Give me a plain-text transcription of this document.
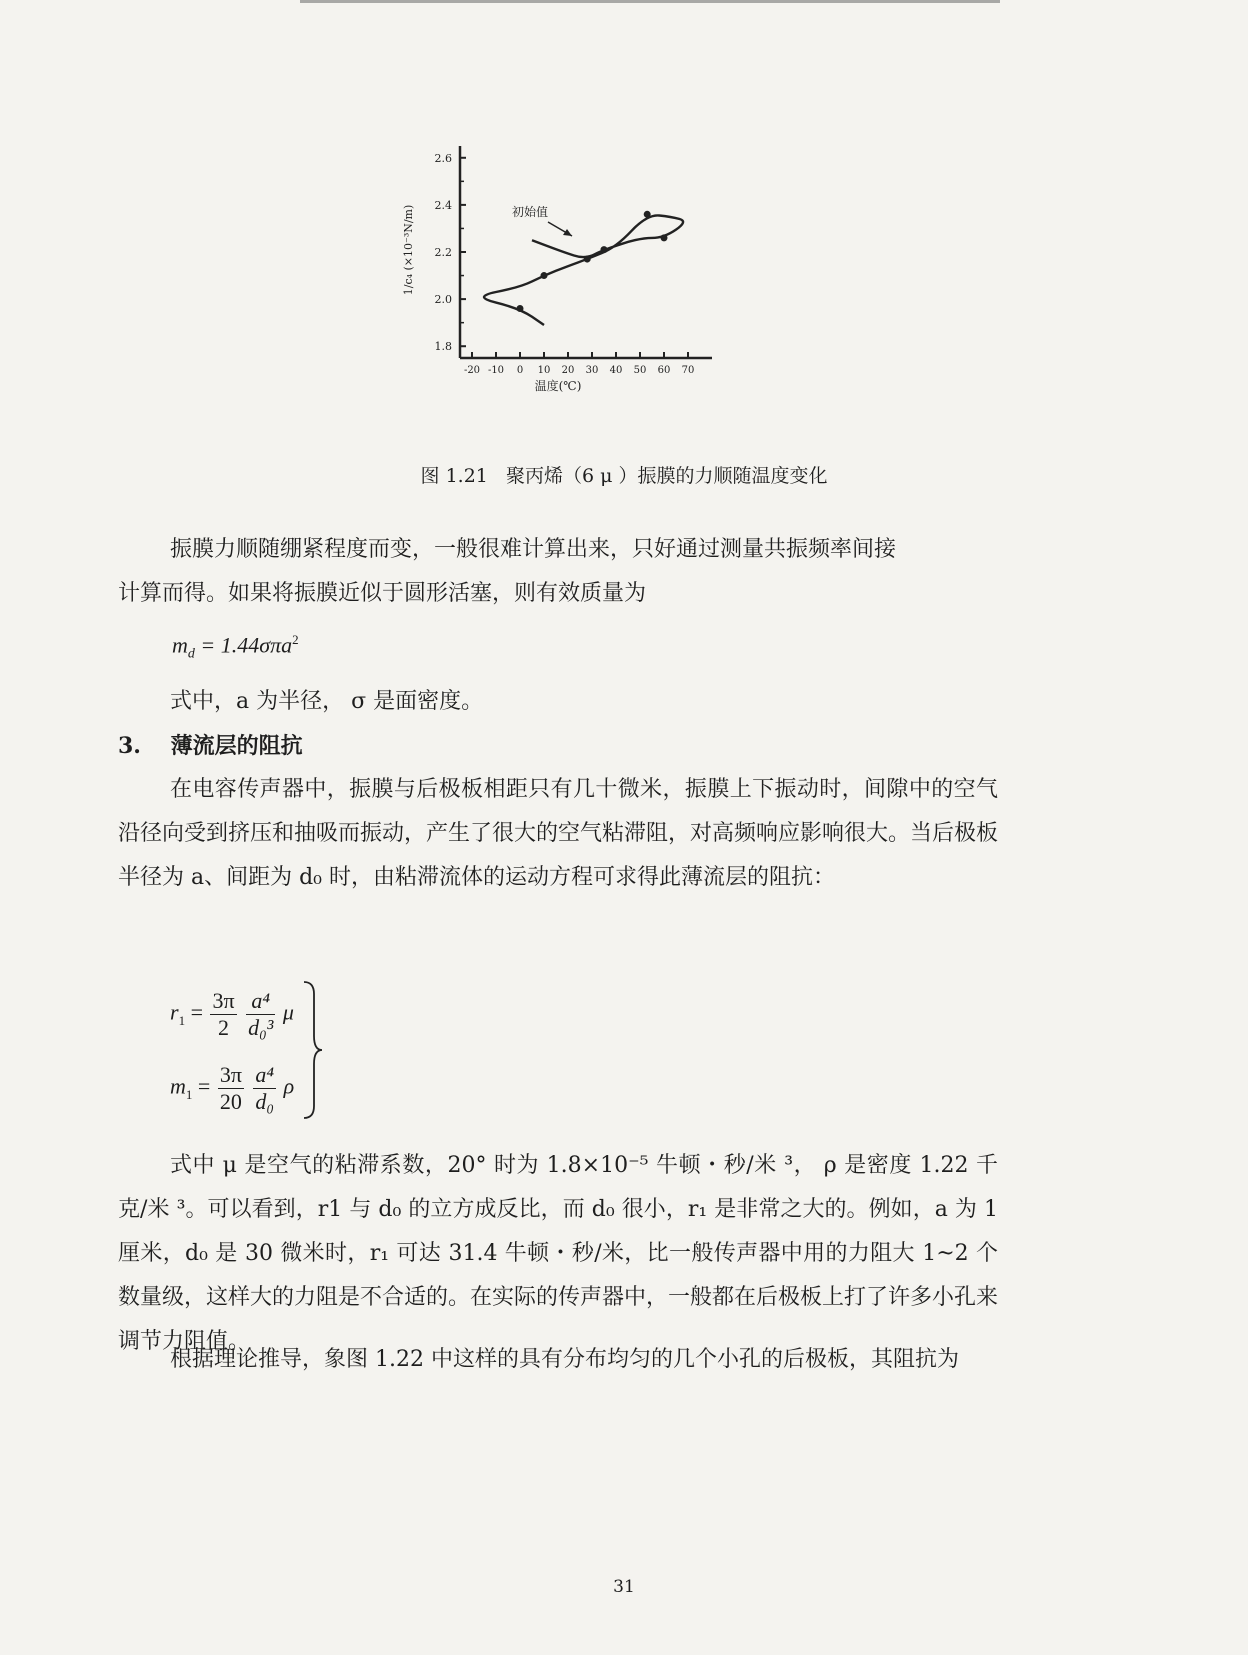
1.8
2.0
2.2
2.4
2.6
-20 -10 0 10 20 30 40 50 60 70
1/c₄ (×10⁻³N/m)
温度(℃)
初始值
图 1.21 聚丙烯（6 μ ）振膜的力顺随温度变化
振膜力顺随绷紧程度而变，一般很难计算出来，只好通过测量共振频率间接
计算而得。如果将振膜近似于圆形活塞，则有效质量为
$m_d = 1.44\sigma\pi a^2$
式中，a 为半径， σ 是面密度。
3. 薄流层的阻抗
在电容传声器中，振膜与后极板相距只有几十微米，振膜上下振动时，间隙中的空气沿径向受到挤压和抽吸而振动，产生了很大的空气粘滞阻，对高频响应影响很大。当后极板半径为 a、间距为 d₀ 时，由粘滞流体的运动方程可求得此薄流层的阻抗：
$r_1 = \frac{3\pi}{2}$
$\frac{\text{a⁴}}{\text{d₀³}}$ μ
$m_1 = \frac{3\pi}{20}$
$\frac{\text{a⁴}}{\text{d₀}}$ ρ
式中 μ 是空气的粘滞系数，20° 时为 1.8×10⁻⁵ 牛顿・秒/米 ³， ρ 是密度 1.22 千克/米 ³。可以看到，r1 与 d₀ 的立方成反比，而 d₀ 很小，r₁ 是非常之大的。例如，a 为 1 厘米，d₀ 是 30 微米时，r₁ 可达 31.4 牛顿・秒/米，比一般传声器中用的力阻大 1~2 个数量级，这样大的力阻是不合适的。在实际的传声器中，一般都在后极板上打了许多小孔来调节力阻值。
根据理论推导，象图 1.22 中这样的具有分布均匀的几个小孔的后极板，其阻抗为
31
